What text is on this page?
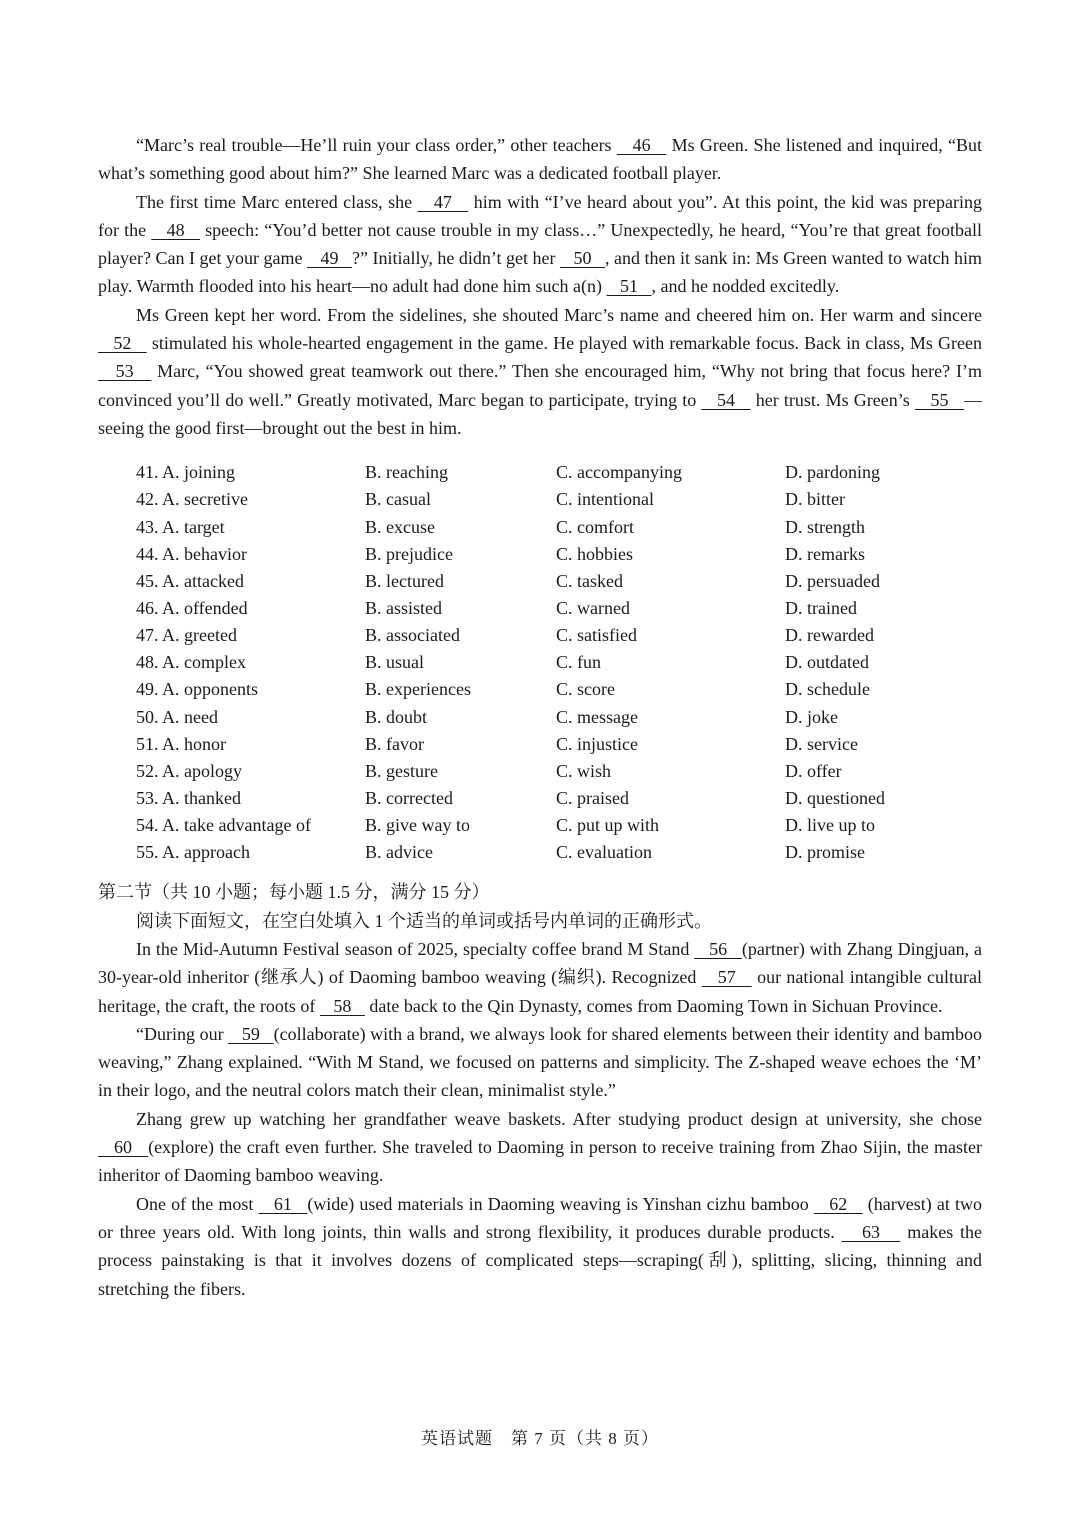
“Marc’s real trouble—He’ll ruin your class order,” other teachers    46    Ms Green. She listened and inquired, “But what’s something good about him?” She learned Marc was a dedicated football player.

The first time Marc entered class, she    47    him with “I’ve heard about you”. At this point, the kid was preparing for the    48    speech: “You’d better not cause trouble in my class…” Unexpectedly, he heard, “You’re that great football player? Can I get your game    49   ?” Initially, he didn’t get her    50   , and then it sank in: Ms Green wanted to watch him play. Warmth flooded into his heart—no adult had done him such a(n)    51   , and he nodded excitedly.

Ms Green kept her word. From the sidelines, she shouted Marc’s name and cheered him on. Her warm and sincere    52    stimulated his whole-hearted engagement in the game. He played with remarkable focus. Back in class, Ms Green    53    Marc, “You showed great teamwork out there.” Then she encouraged him, “Why not bring that focus here? I’m convinced you’ll do well.” Greatly motivated, Marc began to participate, trying to    54    her trust. Ms Green’s    55   —seeing the good first—brought out the best in him.

41. A. joining	B. reaching	C. accompanying	D. pardoning
42. A. secretive	B. casual	C. intentional	D. bitter
43. A. target	B. excuse	C. comfort	D. strength
44. A. behavior	B. prejudice	C. hobbies	D. remarks
45. A. attacked	B. lectured	C. tasked	D. persuaded
46. A. offended	B. assisted	C. warned	D. trained
47. A. greeted	B. associated	C. satisfied	D. rewarded
48. A. complex	B. usual	C. fun	D. outdated
49. A. opponents	B. experiences	C. score	D. schedule
50. A. need	B. doubt	C. message	D. joke
51. A. honor	B. favor	C. injustice	D. service
52. A. apology	B. gesture	C. wish	D. offer
53. A. thanked	B. corrected	C. praised	D. questioned
54. A. take advantage of	B. give way to	C. put up with	D. live up to
55. A. approach	B. advice	C. evaluation	D. promise
第二节（共 10 小题；每小题 1.5 分，满分 15 分）

阅读下面短文，在空白处填入 1 个适当的单词或括号内单词的正确形式。

In the Mid-Autumn Festival season of 2025, specialty coffee brand M Stand    56   (partner) with Zhang Dingjuan, a 30-year-old inheritor (继承人) of Daoming bamboo weaving (编织). Recognized    57    our national intangible cultural heritage, the craft, the roots of    58    date back to the Qin Dynasty, comes from Daoming Town in Sichuan Province.

“During our    59   (collaborate) with a brand, we always look for shared elements between their identity and bamboo weaving,” Zhang explained. “With M Stand, we focused on patterns and simplicity. The Z-shaped weave echoes the ‘M’ in their logo, and the neutral colors match their clean, minimalist style.”

Zhang grew up watching her grandfather weave baskets. After studying product design at university, she chose    60   (explore) the craft even further. She traveled to Daoming in person to receive training from Zhao Sijin, the master inheritor of Daoming bamboo weaving.

One of the most    61   (wide) used materials in Daoming weaving is Yinshan cizhu bamboo    62    (harvest) at two or three years old. With long joints, thin walls and strong flexibility, it produces durable products.    63    makes the process painstaking is that it involves dozens of complicated steps—scraping(刮), splitting, slicing, thinning and stretching the fibers.

英语试题　第 7 页（共 8 页）
